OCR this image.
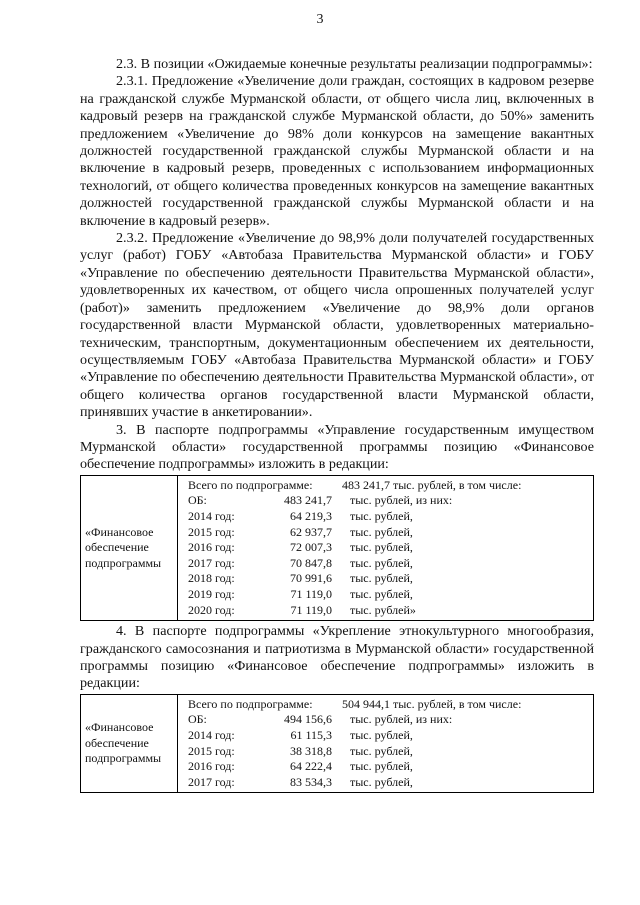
3

2.3. В позиции «Ожидаемые конечные результаты реализации подпрограммы»:

2.3.1. Предложение «Увеличение доли граждан, состоящих в кадровом резерве на гражданской службе Мурманской области, от общего числа лиц, включенных в кадровый резерв на гражданской службе Мурманской области, до 50%» заменить предложением «Увеличение до 98% доли конкурсов на замещение вакантных должностей государственной гражданской службы Мурманской области и на включение в кадровый резерв, проведенных с использованием информационных технологий, от общего количества проведенных конкурсов на замещение вакантных должностей государственной гражданской службы Мурманской области и на включение в кадровый резерв».

2.3.2. Предложение «Увеличение до 98,9% доли получателей государственных услуг (работ) ГОБУ «Автобаза Правительства Мурманской области» и ГОБУ «Управление по обеспечению деятельности Правительства Мурманской области», удовлетворенных их качеством, от общего числа опрошенных получателей услуг (работ)» заменить предложением «Увеличение до 98,9% доли органов государственной власти Мурманской области, удовлетворенных материально-техническим, транспортным, документационным обеспечением их деятельности, осуществляемым ГОБУ «Автобаза Правительства Мурманской области» и ГОБУ «Управление по обеспечению деятельности Правительства Мурманской области», от общего количества органов государственной власти Мурманской области, принявших участие в анкетировании».

3. В паспорте подпрограммы «Управление государственным имуществом Мурманской области» государственной программы позицию «Финансовое обеспечение подпрограммы» изложить в редакции:

«Финансовое обеспечение подпрограммы	
Всего по подпрограмме:	483 241,7 тыс. рублей, в том числе:
ОБ:	483 241,7	тыс. рублей, из них:
2014 год:	64 219,3	тыс. рублей,
2015 год:	62 937,7	тыс. рублей,
2016 год:	72 007,3	тыс. рублей,
2017 год:	70 847,8	тыс. рублей,
2018 год:	70 991,6	тыс. рублей,
2019 год:	71 119,0	тыс. рублей,
2020 год:	71 119,0	тыс. рублей»

4. В паспорте подпрограммы «Укрепление этнокультурного многообразия, гражданского самосознания и патриотизма в Мурманской области» государственной программы позицию «Финансовое обеспечение подпрограммы» изложить в редакции:

«Финансовое обеспечение подпрограммы	
Всего по подпрограмме:	504 944,1 тыс. рублей, в том числе:
ОБ:	494 156,6	тыс. рублей, из них:
2014 год:	61 115,3	тыс. рублей,
2015 год:	38 318,8	тыс. рублей,
2016 год:	64 222,4	тыс. рублей,
2017 год:	83 534,3	тыс. рублей,
